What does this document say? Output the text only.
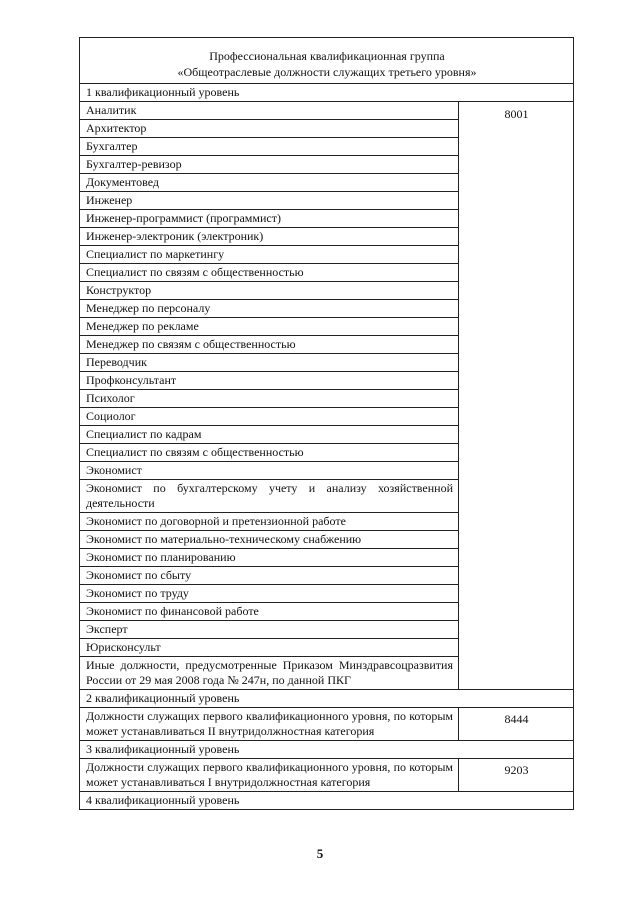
Профессиональная квалификационная группа
«Общеотраслевые должности служащих третьего уровня»	

1 квалификационный уровень	
Аналитик	8001
Архитектор	
Бухгалтер	
Бухгалтер-ревизор	
Документовед	
Инженер	
Инженер-программист (программист)	
Инженер-электроник (электроник)	
Специалист по маркетингу	
Специалист по связям с общественностью	
Конструктор	
Менеджер по персоналу	
Менеджер по рекламе	
Менеджер по связям с общественностью	
Переводчик	
Профконсультант	
Психолог	
Социолог	
Специалист по кадрам	
Специалист по связям с общественностью	
Экономист	
Экономист по бухгалтерскому учету и анализу хозяйственной деятельности	
Экономист по договорной и претензионной работе	
Экономист по материально-техническому снабжению	
Экономист по планированию	
Экономист по сбыту	
Экономист по труду	
Экономист по финансовой работе	
Эксперт	
Юрисконсульт	
Иные должности, предусмотренные Приказом Минздравсоцразвития России от 29 мая 2008 года № 247н, по данной ПКГ	
2 квалификационный уровень	
Должности служащих первого квалификационного уровня, по которым может устанавливаться II внутридолжностная категория	8444
3 квалификационный уровень	
Должности служащих первого квалификационного уровня, по которым может устанавливаться I внутридолжностная категория	9203
4 квалификационный уровень	
5
